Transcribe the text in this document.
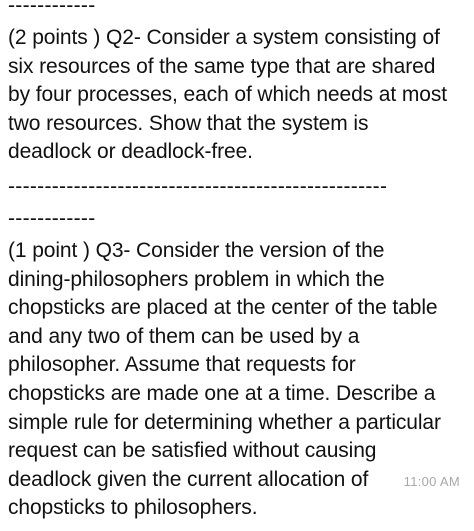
------------
(2 points ) Q2- Consider a system consisting of
six resources of the same type that are shared
by four processes, each of which needs at most
two resources. Show that the system is
deadlock or deadlock-free.
----------------------------------------------------
------------
(1 point ) Q3- Consider the version of the
dining-philosophers problem in which the
chopsticks are placed at the center of the table
and any two of them can be used by a
philosopher. Assume that requests for
chopsticks are made one at a time. Describe a
simple rule for determining whether a particular
request can be satisfied without causing
deadlock given the current allocation of
chopsticks to philosophers.
11:00 AM
